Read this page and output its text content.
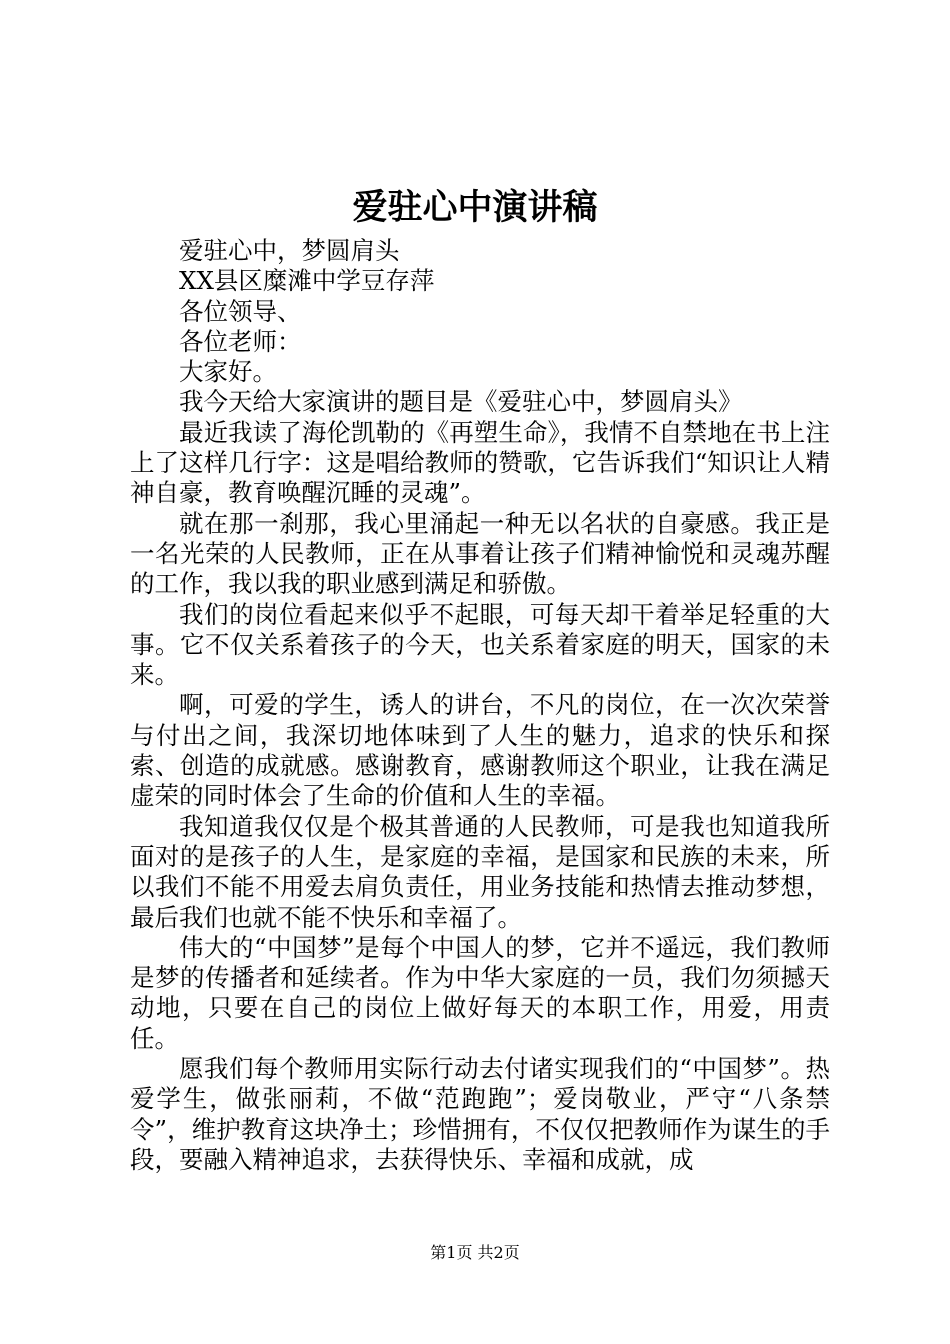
爱驻心中演讲稿

爱驻心中，梦圆肩头

XX县区糜滩中学豆存萍

各位领导、

各位老师：

大家好。

我今天给大家演讲的题目是《爱驻心中，梦圆肩头》

最近我读了海伦凯勒的《再塑生命》，我情不自禁地在书上注上了这样几行字：这是唱给教师的赞歌，它告诉我们“知识让人精神自豪，教育唤醒沉睡的灵魂”。

就在那一刹那，我心里涌起一种无以名状的自豪感。我正是一名光荣的人民教师，正在从事着让孩子们精神愉悦和灵魂苏醒的工作，我以我的职业感到满足和骄傲。

我们的岗位看起来似乎不起眼，可每天却干着举足轻重的大事。它不仅关系着孩子的今天，也关系着家庭的明天，国家的未来。

啊，可爱的学生，诱人的讲台，不凡的岗位，在一次次荣誉与付出之间，我深切地体味到了人生的魅力，追求的快乐和探索、创造的成就感。感谢教育，感谢教师这个职业，让我在满足虚荣的同时体会了生命的价值和人生的幸福。

我知道我仅仅是个极其普通的人民教师，可是我也知道我所面对的是孩子的人生，是家庭的幸福，是国家和民族的未来，所以我们不能不用爱去肩负责任，用业务技能和热情去推动梦想，最后我们也就不能不快乐和幸福了。

伟大的“中国梦”是每个中国人的梦，它并不遥远，我们教师是梦的传播者和延续者。作为中华大家庭的一员，我们勿须撼天动地，只要在自己的岗位上做好每天的本职工作，用爱，用责任。

愿我们每个教师用实际行动去付诸实现我们的“中国梦”。热爱学生，做张丽莉，不做“范跑跑”；爱岗敬业，严守“八条禁令”，维护教育这块净土；珍惜拥有，不仅仅把教师作为谋生的手段，要融入精神追求，去获得快乐、幸福和成就，成

第1页 共2页
